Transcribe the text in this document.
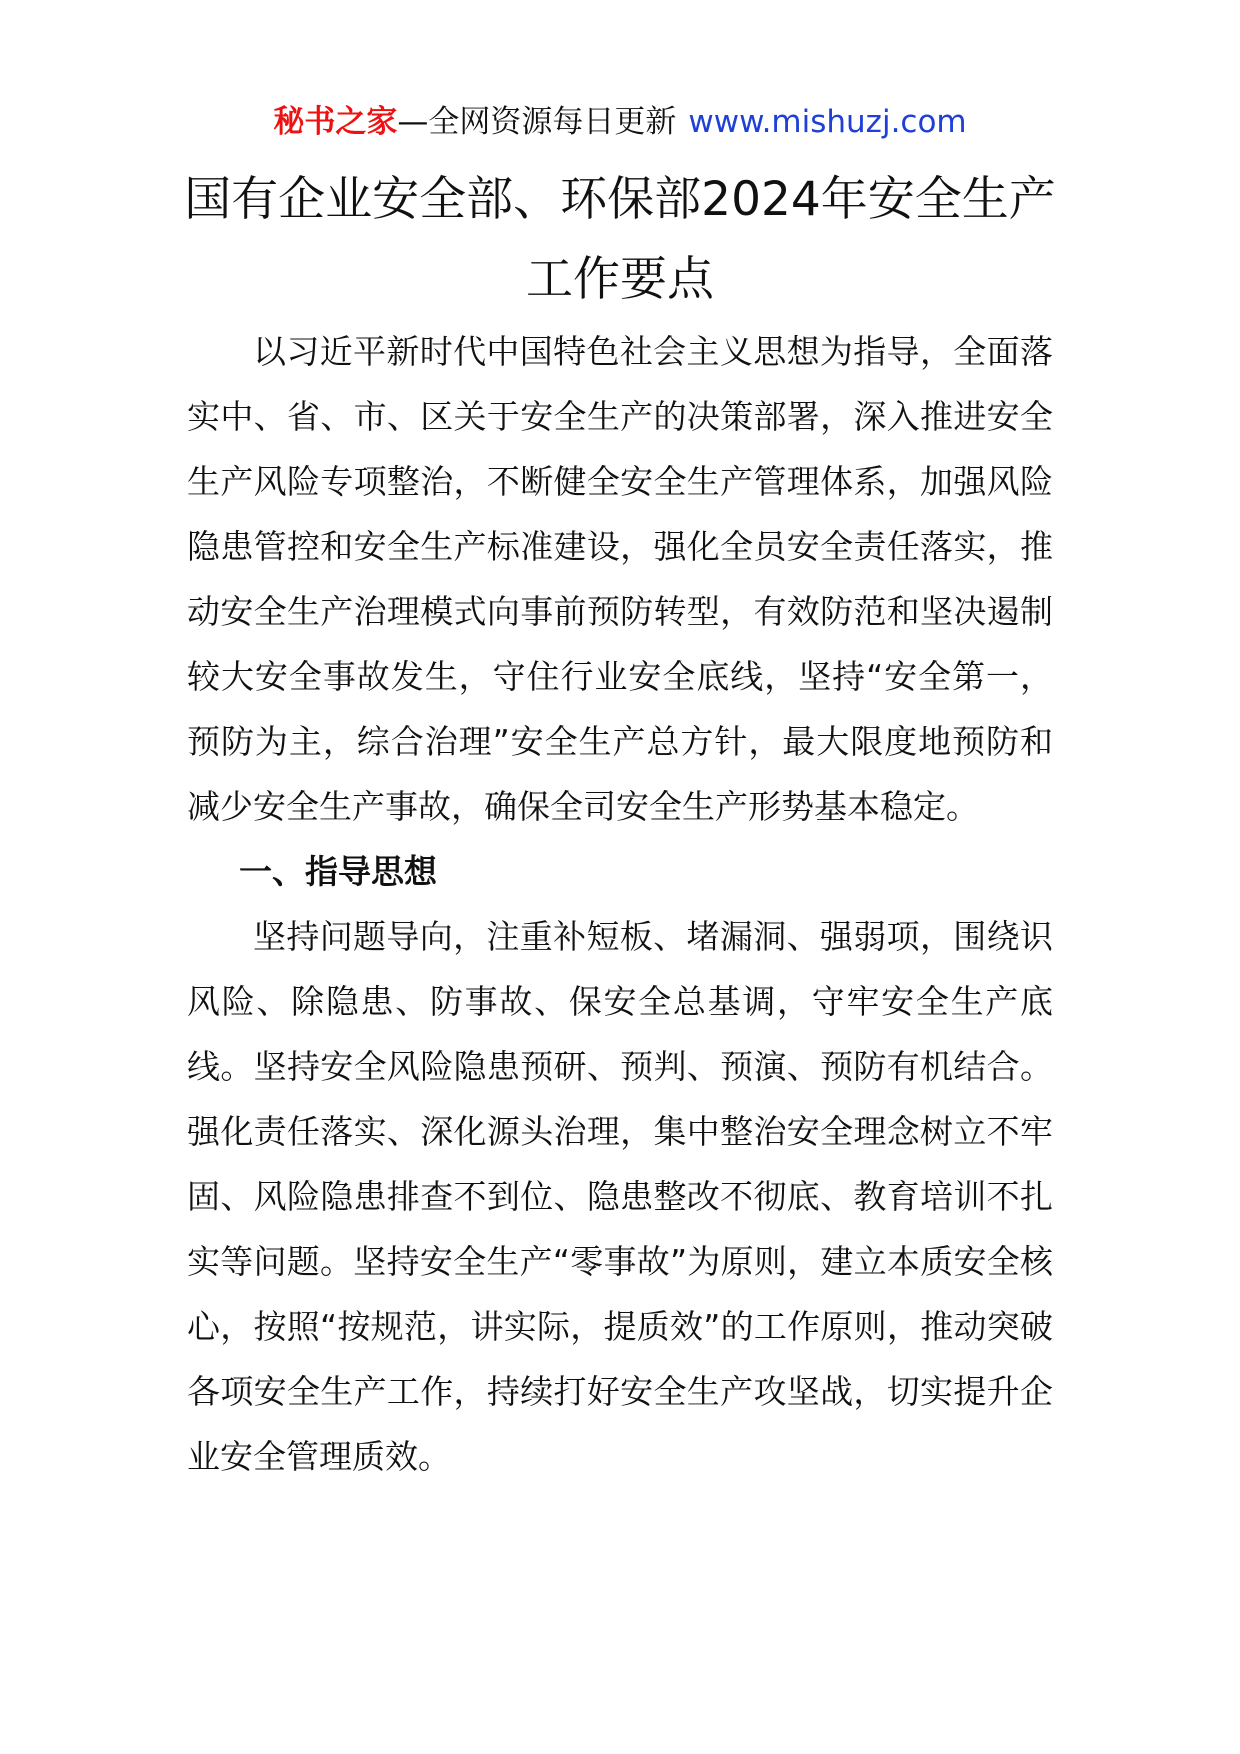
秘书之家—全网资源每日更新 www.mishuzj.com
国有企业安全部、环保部2024年安全生产
工作要点

以习近平新时代中国特色社会主义思想为指导，全面落实中、省、市、区关于安全生产的决策部署，深入推进安全生产风险专项整治，不断健全安全生产管理体系，加强风险隐患管控和安全生产标准建设，强化全员安全责任落实，推动安全生产治理模式向事前预防转型，有效防范和坚决遏制较大安全事故发生，守住行业安全底线，坚持“安全第一，预防为主，综合治理”安全生产总方针，最大限度地预防和减少安全生产事故，确保全司安全生产形势基本稳定。

一、指导思想

坚持问题导向，注重补短板、堵漏洞、强弱项，围绕识风险、除隐患、防事故、保安全总基调，守牢安全生产底线。坚持安全风险隐患预研、预判、预演、预防有机结合。强化责任落实、深化源头治理，集中整治安全理念树立不牢固、风险隐患排查不到位、隐患整改不彻底、教育培训不扎实等问题。坚持安全生产“零事故”为原则，建立本质安全核心，按照“按规范，讲实际，提质效”的工作原则，推动突破各项安全生产工作，持续打好安全生产攻坚战，切实提升企业安全管理质效。
